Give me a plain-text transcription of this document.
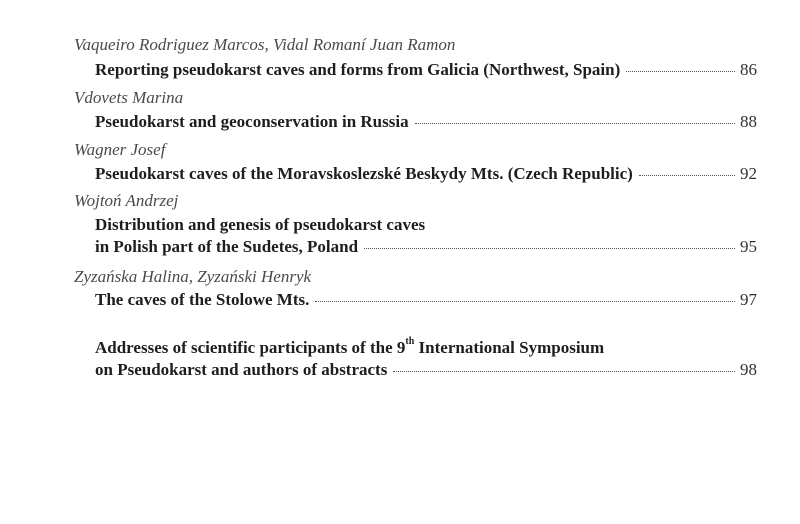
Vaqueiro Rodriguez Marcos, Vidal Romaní Juan Ramon
Reporting pseudokarst caves and forms from Galicia (Northwest, Spain)	86
Vdovets Marina
Pseudokarst and geoconservation in Russia	88
Wagner Josef
Pseudokarst caves of the Moravskoslezské Beskydy Mts. (Czech Republic)	92
Wojtoń Andrzej
Distribution and genesis of pseudokarst caves
in Polish part of the Sudetes, Poland	95
Zyzańska Halina, Zyzański Henryk
The caves of the Stolowe Mts.	97
Addresses of scientific participants of the 9th International Symposium
on Pseudokarst and authors of abstracts	98
